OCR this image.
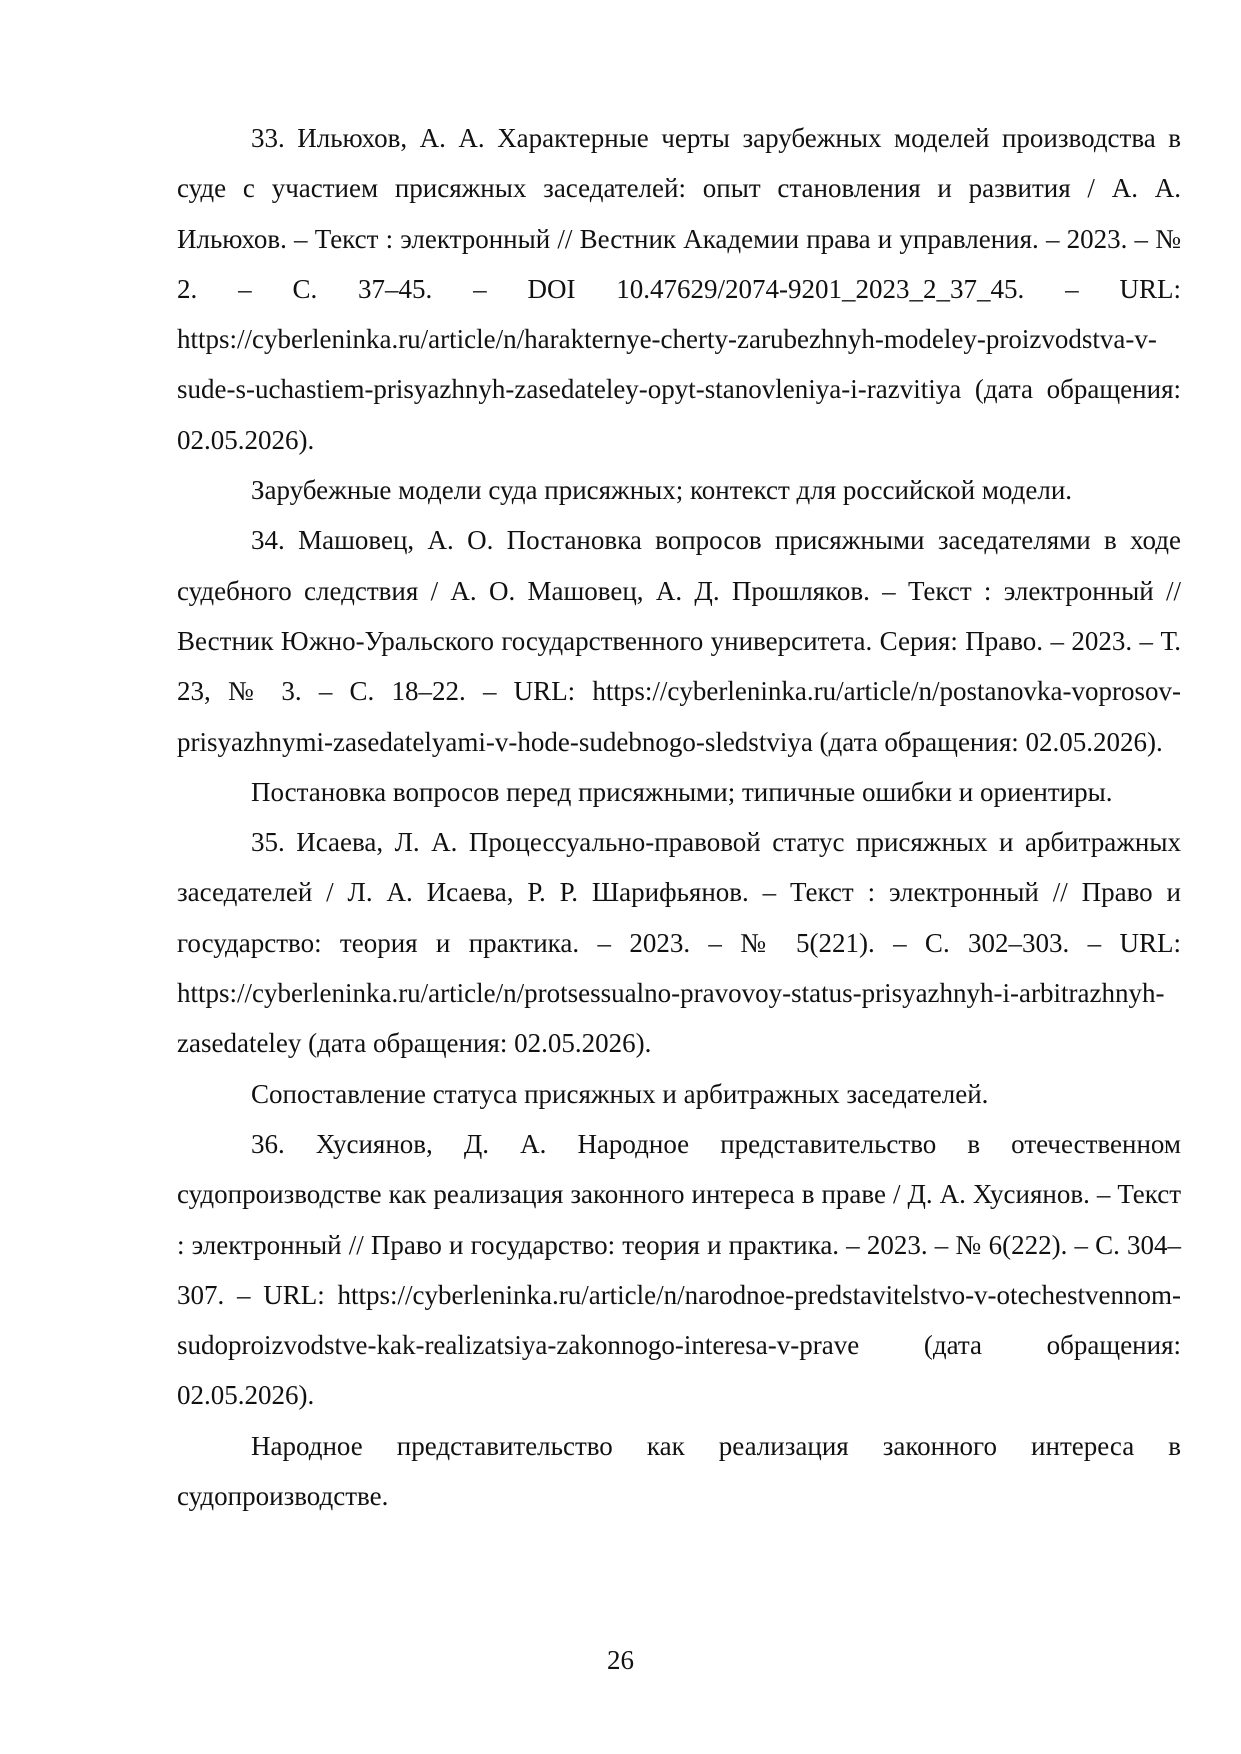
33. Ильюхов, А. А. Характерные черты зарубежных моделей производства в суде с участием присяжных заседателей: опыт становления и развития / А. А. Ильюхов. – Текст : электронный // Вестник Академии права и управления. – 2023. – № 2. – С. 37–45. – DOI 10.47629/2074-9201_2023_2_37_45. – URL: https://cyberleninka.ru/article/n/harakternye-cherty-zarubezhnyh-modeley-proizvodstva-v-sude-s-uchastiem-prisyazhnyh-zasedateley-opyt-stanovleniya-i-razvitiya (дата обращения: 02.05.2026).

Зарубежные модели суда присяжных; контекст для российской модели.

34. Машовец, А. О. Постановка вопросов присяжными заседателями в ходе судебного следствия / А. О. Машовец, А. Д. Прошляков. – Текст : электронный // Вестник Южно-Уральского государственного университета. Серия: Право. – 2023. – Т. 23, № 3. – С. 18–22. – URL: https://cyberleninka.ru/article/n/postanovka-voprosov-prisyazhnymi-zasedatelyami-v-hode-sudebnogo-sledstviya (дата обращения: 02.05.2026).

Постановка вопросов перед присяжными; типичные ошибки и ориентиры.

35. Исаева, Л. А. Процессуально-правовой статус присяжных и арбитражных заседателей / Л. А. Исаева, Р. Р. Шарифьянов. – Текст : электронный // Право и государство: теория и практика. – 2023. – № 5(221). – С. 302–303. – URL: https://cyberleninka.ru/article/n/protsessualno-pravovoy-status-prisyazhnyh-i-arbitrazhnyh-zasedateley (дата обращения: 02.05.2026).

Сопоставление статуса присяжных и арбитражных заседателей.

36. Хусиянов, Д. А. Народное представительство в отечественном судопроизводстве как реализация законного интереса в праве / Д. А. Хусиянов. – Текст : электронный // Право и государство: теория и практика. – 2023. – № 6(222). – С. 304–307. – URL: https://cyberleninka.ru/article/n/narodnoe-predstavitelstvo-v-otechestvennom-sudoproizvodstve-kak-realizatsiya-zakonnogo-interesa-v-prave (дата обращения: 02.05.2026).

Народное представительство как реализация законного интереса в судопроизводстве.

26
